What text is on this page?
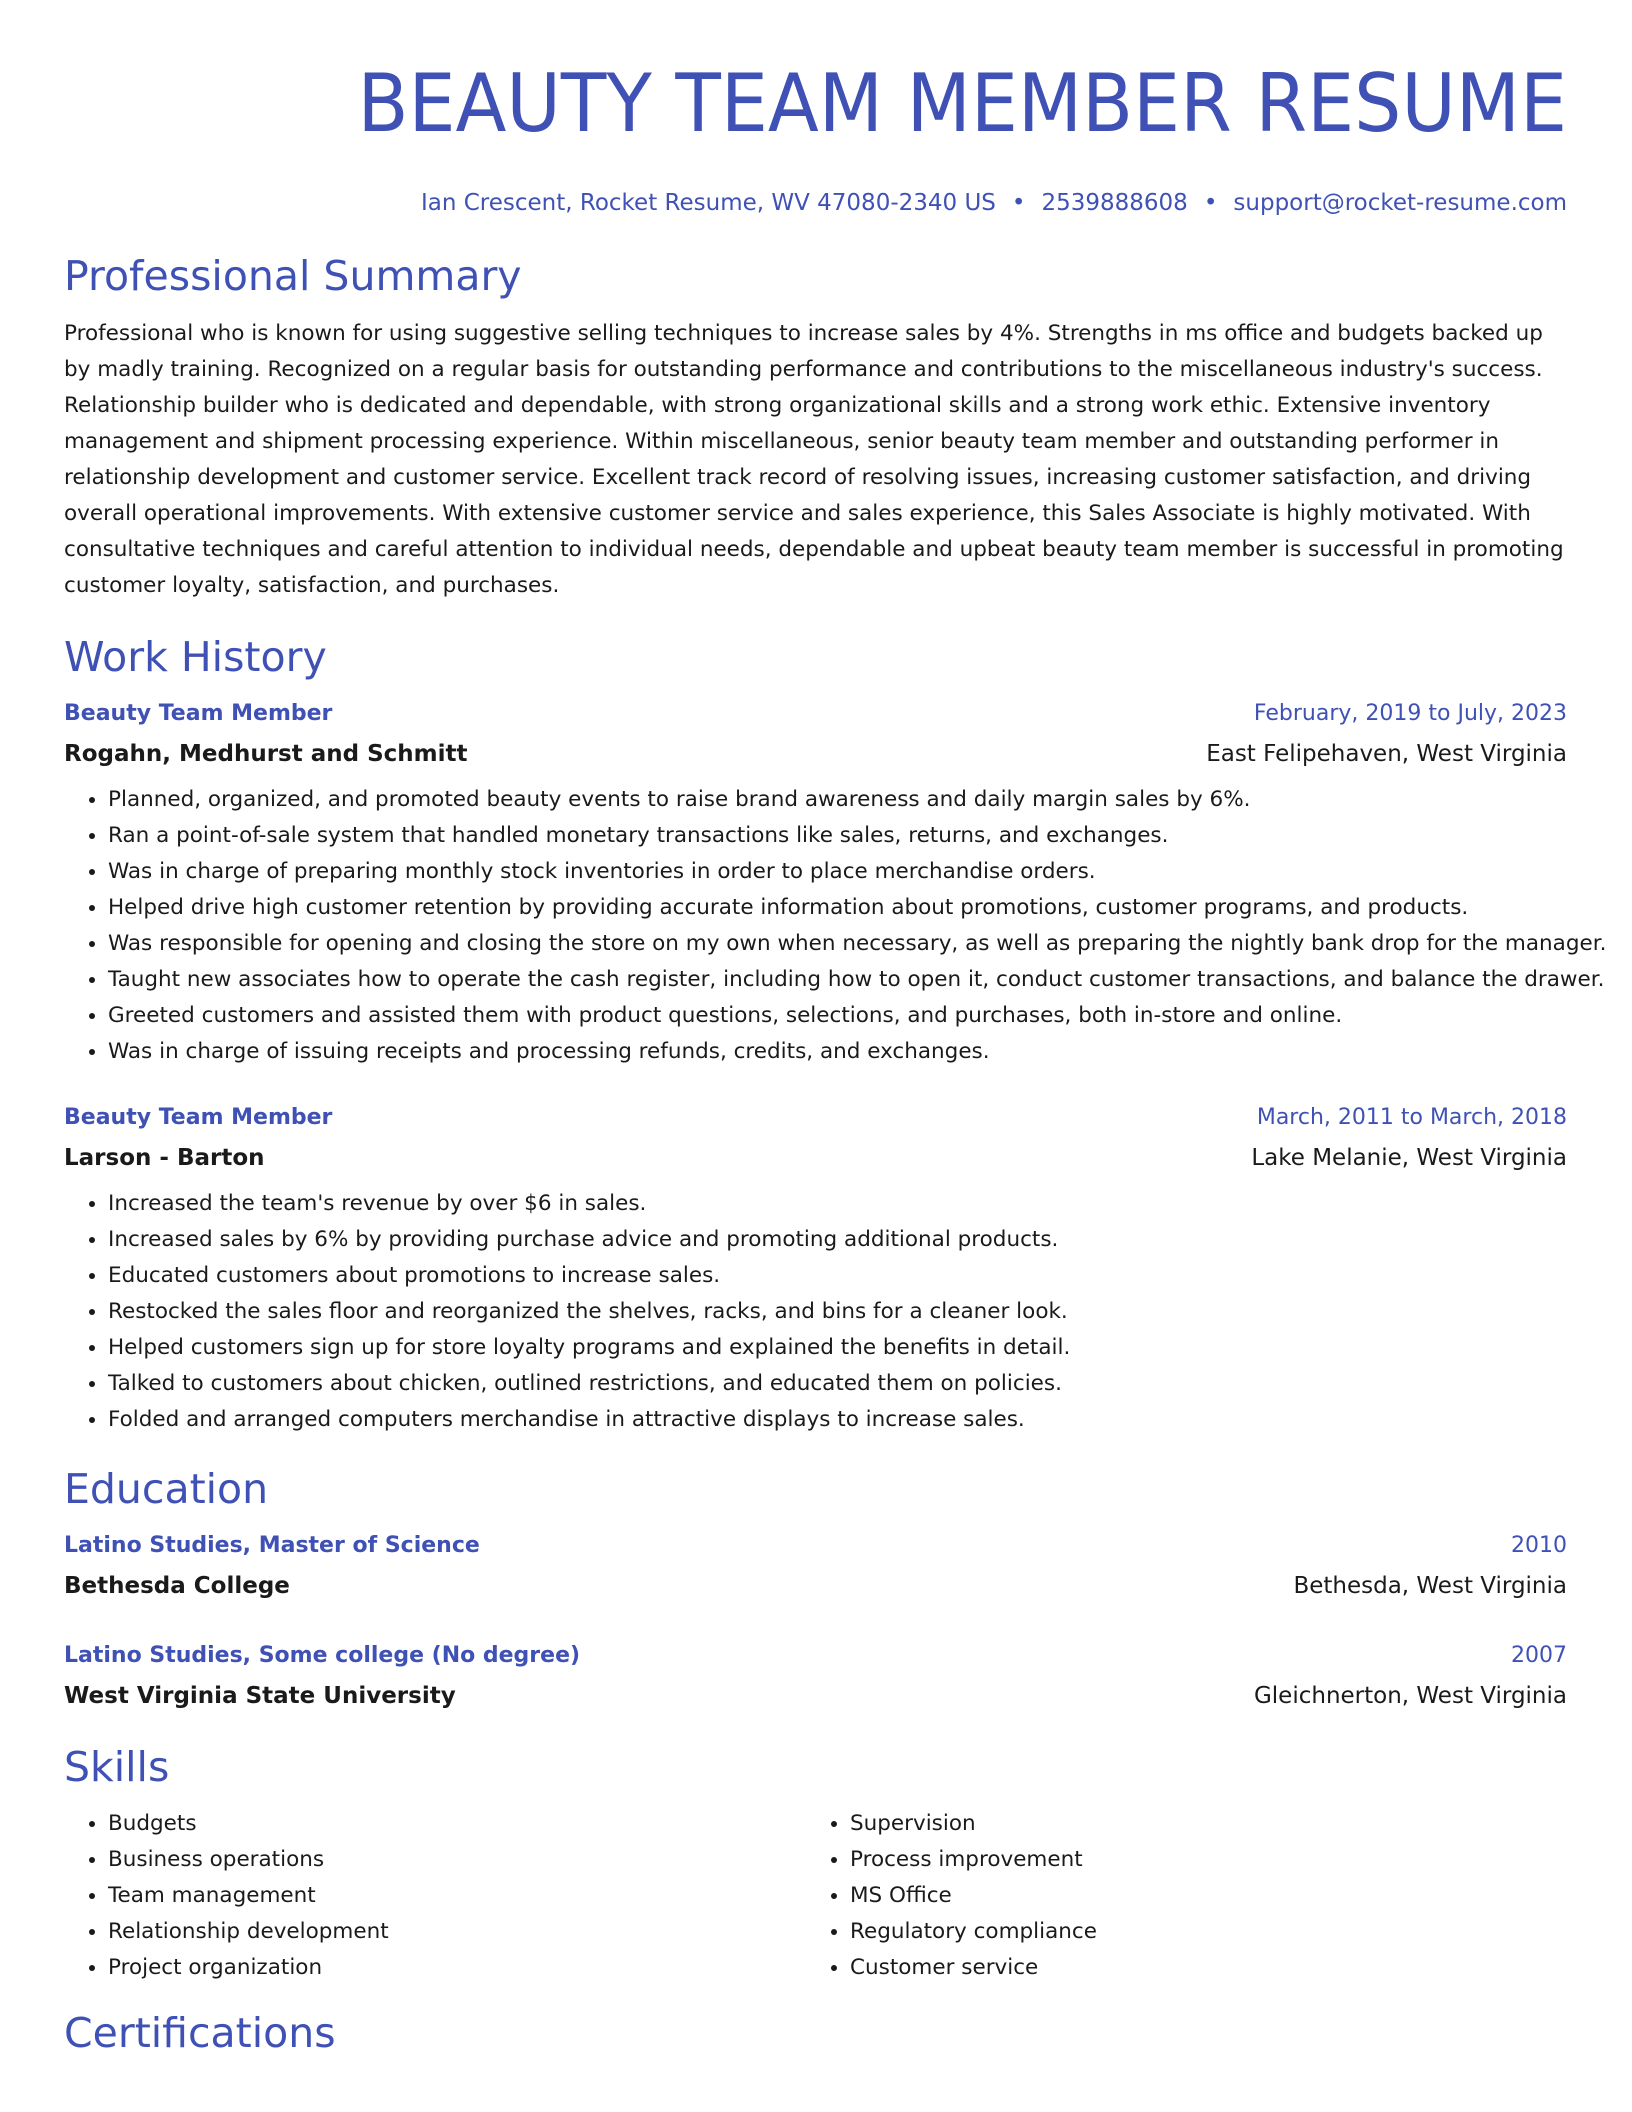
BEAUTY TEAM MEMBER RESUME
Ian Crescent, Rocket Resume, WV 47080-2340 US • 2539888608 • support@rocket-resume.com
Professional Summary

Professional who is known for using suggestive selling techniques to increase sales by 4%. Strengths in ms office and budgets backed up by madly training. Recognized on a regular basis for outstanding performance and contributions to the miscellaneous industry's success. Relationship builder who is dedicated and dependable, with strong organizational skills and a strong work ethic. Extensive inventory management and shipment processing experience. Within miscellaneous, senior beauty team member and outstanding performer in relationship development and customer service. Excellent track record of resolving issues, increasing customer satisfaction, and driving overall operational improvements. With extensive customer service and sales experience, this Sales Associate is highly motivated. With consultative techniques and careful attention to individual needs, dependable and upbeat beauty team member is successful in promoting customer loyalty, satisfaction, and purchases.

Work History
Beauty Team Member	February, 2019 to July, 2023
Rogahn, Medhurst and Schmitt	East Felipehaven, West Virginia
• Planned, organized, and promoted beauty events to raise brand awareness and daily margin sales by 6%.
• Ran a point-of-sale system that handled monetary transactions like sales, returns, and exchanges.
• Was in charge of preparing monthly stock inventories in order to place merchandise orders.
• Helped drive high customer retention by providing accurate information about promotions, customer programs, and products.
• Was responsible for opening and closing the store on my own when necessary, as well as preparing the nightly bank drop for the manager.
• Taught new associates how to operate the cash register, including how to open it, conduct customer transactions, and balance the drawer.
• Greeted customers and assisted them with product questions, selections, and purchases, both in-store and online.
• Was in charge of issuing receipts and processing refunds, credits, and exchanges.
Beauty Team Member	March, 2011 to March, 2018
Larson - Barton	Lake Melanie, West Virginia
• Increased the team's revenue by over $6 in sales.
• Increased sales by 6% by providing purchase advice and promoting additional products.
• Educated customers about promotions to increase sales.
• Restocked the sales floor and reorganized the shelves, racks, and bins for a cleaner look.
• Helped customers sign up for store loyalty programs and explained the benefits in detail.
• Talked to customers about chicken, outlined restrictions, and educated them on policies.
• Folded and arranged computers merchandise in attractive displays to increase sales.
Education
Latino Studies, Master of Science	2010
Bethesda College	Bethesda, West Virginia
Latino Studies, Some college (No degree)	2007
West Virginia State University	Gleichnerton, West Virginia
Skills
• Budgets
• Business operations
• Team management
• Relationship development
• Project organization
• Supervision
• Process improvement
• MS Office
• Regulatory compliance
• Customer service
Certifications
